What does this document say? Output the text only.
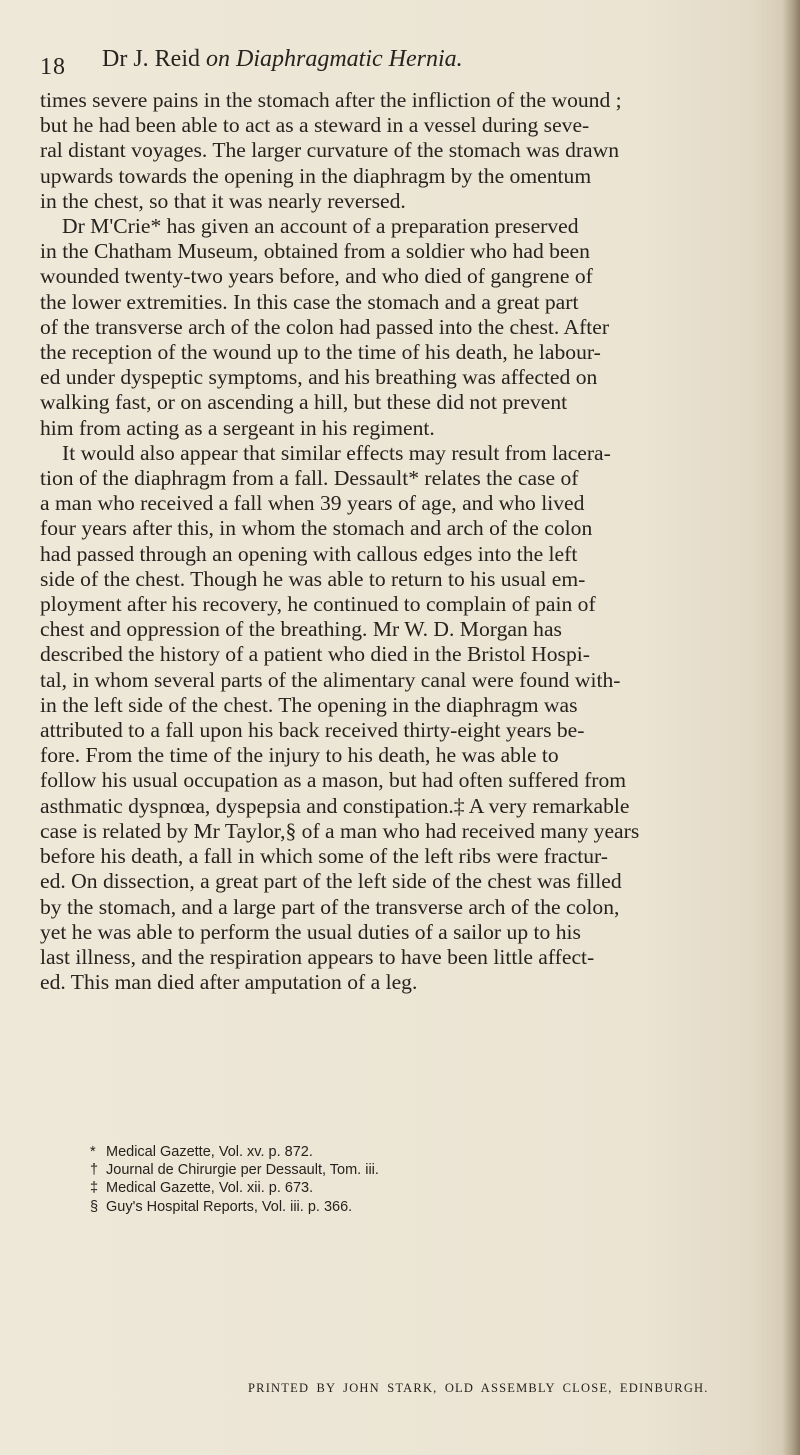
18 Dr J. Reid on Diaphragmatic Hernia.
times severe pains in the stomach after the infliction of the wound ;
but he had been able to act as a steward in a vessel during seve-
ral distant voyages. The larger curvature of the stomach was drawn
upwards towards the opening in the diaphragm by the omentum
in the chest, so that it was nearly reversed.
Dr M'Crie* has given an account of a preparation preserved
in the Chatham Museum, obtained from a soldier who had been
wounded twenty-two years before, and who died of gangrene of
the lower extremities. In this case the stomach and a great part
of the transverse arch of the colon had passed into the chest. After
the reception of the wound up to the time of his death, he labour-
ed under dyspeptic symptoms, and his breathing was affected on
walking fast, or on ascending a hill, but these did not prevent
him from acting as a sergeant in his regiment.
It would also appear that similar effects may result from lacera-
tion of the diaphragm from a fall. Dessault* relates the case of
a man who received a fall when 39 years of age, and who lived
four years after this, in whom the stomach and arch of the colon
had passed through an opening with callous edges into the left
side of the chest. Though he was able to return to his usual em-
ployment after his recovery, he continued to complain of pain of
chest and oppression of the breathing. Mr W. D. Morgan has
described the history of a patient who died in the Bristol Hospi-
tal, in whom several parts of the alimentary canal were found with-
in the left side of the chest. The opening in the diaphragm was
attributed to a fall upon his back received thirty-eight years be-
fore. From the time of the injury to his death, he was able to
follow his usual occupation as a mason, but had often suffered from
asthmatic dyspnœa, dyspepsia and constipation.‡ A very remarkable
case is related by Mr Taylor,§ of a man who had received many years
before his death, a fall in which some of the left ribs were fractur-
ed. On dissection, a great part of the left side of the chest was filled
by the stomach, and a large part of the transverse arch of the colon,
yet he was able to perform the usual duties of a sailor up to his
last illness, and the respiration appears to have been little affect-
ed. This man died after amputation of a leg.
* Medical Gazette, Vol. xv. p. 872.
† Journal de Chirurgie per Dessault, Tom. iii.
‡ Medical Gazette, Vol. xii. p. 673.
§ Guy's Hospital Reports, Vol. iii. p. 366.
PRINTED BY JOHN STARK, OLD ASSEMBLY CLOSE, EDINBURGH.
